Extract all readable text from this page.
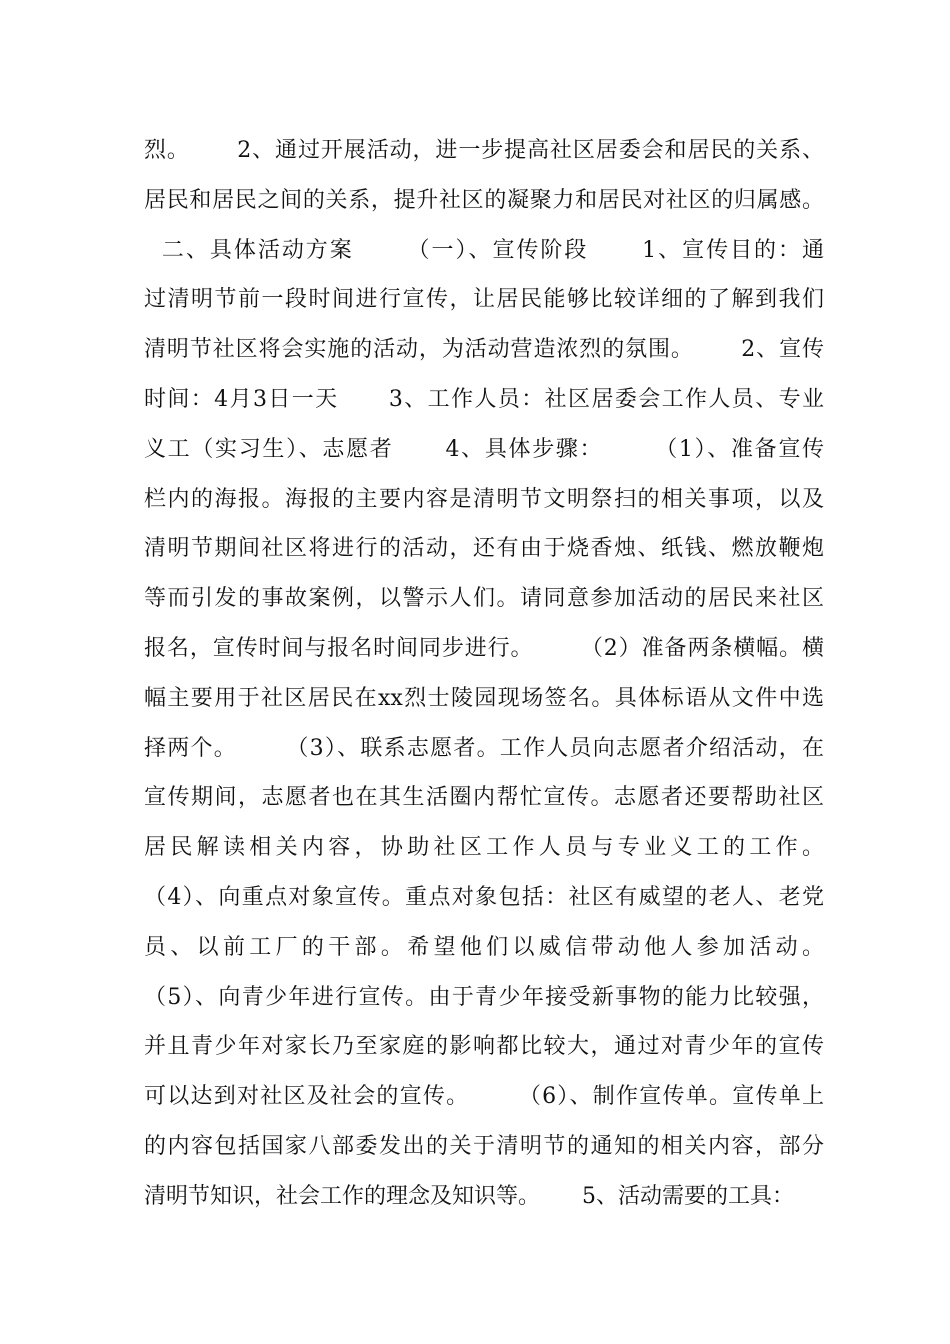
烈。      2、通过开展活动，进一步提高社区居委会和居民的关系、
居民和居民之间的关系，提升社区的凝聚力和居民对社区的归属感。
二、具体活动方案      （一）、宣传阶段      1、宣传目的：通
过清明节前一段时间进行宣传，让居民能够比较详细的了解到我们
清明节社区将会实施的活动，为活动营造浓烈的氛围。      2、宣传
时间：4月3日一天      3、工作人员：社区居委会工作人员、专业
义工（实习生）、志愿者      4、具体步骤：      （1）、准备宣传
栏内的海报。海报的主要内容是清明节文明祭扫的相关事项，以及
清明节期间社区将进行的活动，还有由于烧香烛、纸钱、燃放鞭炮
等而引发的事故案例，以警示人们。请同意参加活动的居民来社区
报名，宣传时间与报名时间同步进行。      （2）准备两条横幅。横
幅主要用于社区居民在xx烈士陵园现场签名。具体标语从文件中选
择两个。      （3）、联系志愿者。工作人员向志愿者介绍活动，在
宣传期间，志愿者也在其生活圈内帮忙宣传。志愿者还要帮助社区
居民解读相关内容，协助社区工作人员与专业义工的工作。
（4）、向重点对象宣传。重点对象包括：社区有威望的老人、老党
员、以前工厂的干部。希望他们以威信带动他人参加活动。
（5）、向青少年进行宣传。由于青少年接受新事物的能力比较强，
并且青少年对家长乃至家庭的影响都比较大，通过对青少年的宣传
可以达到对社区及社会的宣传。      （6）、制作宣传单。宣传单上
的内容包括国家八部委发出的关于清明节的通知的相关内容，部分
清明节知识，社会工作的理念及知识等。      5、活动需要的工具：
